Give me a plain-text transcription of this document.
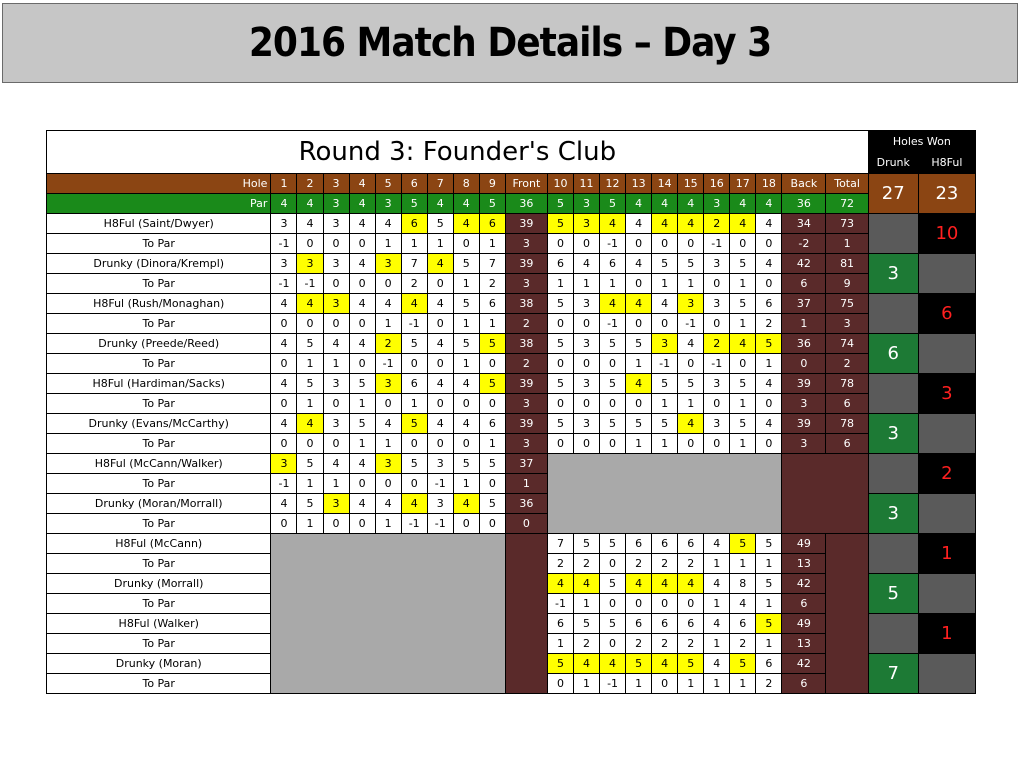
2016 Match Details – Day 3
Round 3: Founder's Club																						Holes Won	
																						Drunk	H8Ful
Hole	1	2	3	4	5	6	7	8	9	Front	10	11	12	13	14	15	16	17	18	Back	Total	27	23
Par	4	4	3	4	3	5	4	4	5	36	5	3	5	4	4	4	3	4	4	36	72		
H8Ful (Saint/Dwyer)	3	4	3	4	4	6	5	4	6	39	5	3	4	4	4	4	2	4	4	34	73		10
To Par	-1	0	0	0	1	1	1	0	1	3	0	0	-1	0	0	0	-1	0	0	-2	1		
Drunky (Dinora/Krempl)	3	3	3	4	3	7	4	5	7	39	6	4	6	4	5	5	3	5	4	42	81	3	
To Par	-1	-1	0	0	0	2	0	1	2	3	1	1	1	0	1	1	0	1	0	6	9		
H8Ful (Rush/Monaghan)	4	4	3	4	4	4	4	5	6	38	5	3	4	4	4	3	3	5	6	37	75		6
To Par	0	0	0	0	1	-1	0	1	1	2	0	0	-1	0	0	-1	0	1	2	1	3		
Drunky (Preede/Reed)	4	5	4	4	2	5	4	5	5	38	5	3	5	5	3	4	2	4	5	36	74	6	
To Par	0	1	1	0	-1	0	0	1	0	2	0	0	0	1	-1	0	-1	0	1	0	2		
H8Ful (Hardiman/Sacks)	4	5	3	5	3	6	4	4	5	39	5	3	5	4	5	5	3	5	4	39	78		3
To Par	0	1	0	1	0	1	0	0	0	3	0	0	0	0	1	1	0	1	0	3	6		
Drunky (Evans/McCarthy)	4	4	3	5	4	5	4	4	6	39	5	3	5	5	5	4	3	5	4	39	78	3	
To Par	0	0	0	1	1	0	0	0	1	3	0	0	0	1	1	0	0	1	0	3	6		
H8Ful (McCann/Walker)	3	5	4	4	3	5	3	5	5	37													2
To Par	-1	1	1	0	0	0	-1	1	0	1													
Drunky (Moran/Morrall)	4	5	3	4	4	4	3	4	5	36												3	
To Par	0	1	0	0	1	-1	-1	0	0	0													
H8Ful (McCann)											7	5	5	6	6	6	4	5	5	49			1
To Par											2	2	0	2	2	2	1	1	1	13			
Drunky (Morrall)											4	4	5	4	4	4	4	8	5	42		5	
To Par											-1	1	0	0	0	0	1	4	1	6			
H8Ful (Walker)											6	5	5	6	6	6	4	6	5	49			1
To Par											1	2	0	2	2	2	1	2	1	13			
Drunky (Moran)											5	4	4	5	4	5	4	5	6	42		7	
To Par											0	1	-1	1	0	1	1	1	2	6			
